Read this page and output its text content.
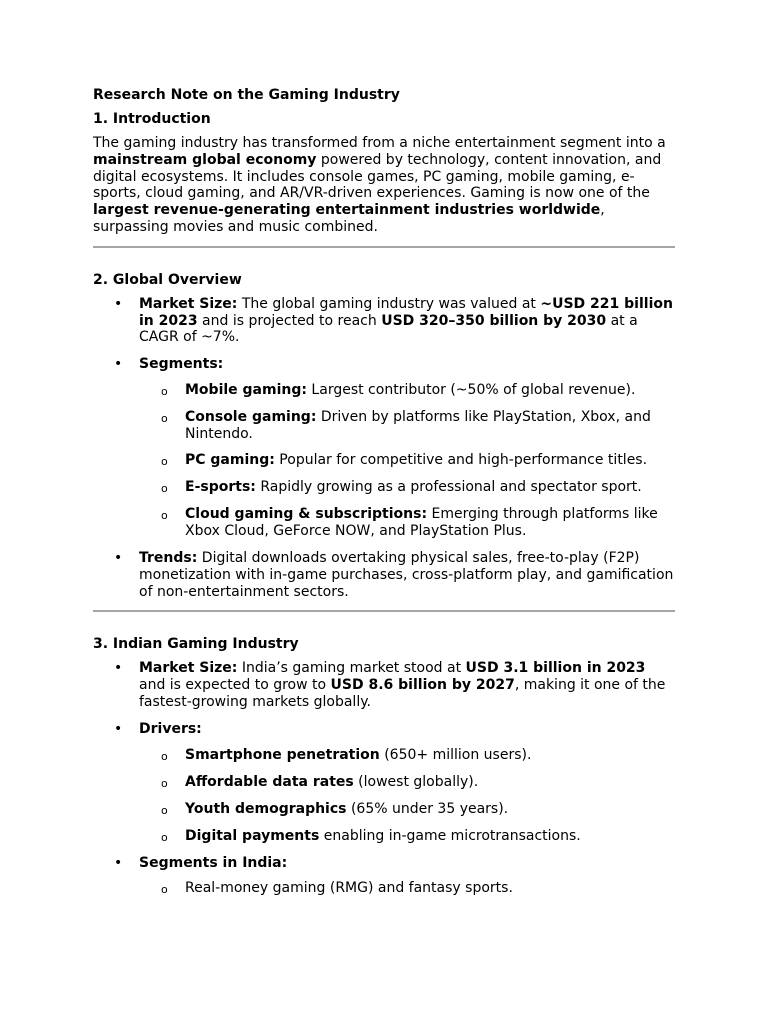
Research Note on the Gaming Industry
1. Introduction

The gaming industry has transformed from a niche entertainment segment into a mainstream global economy powered by technology, content innovation, and digital ecosystems. It includes console games, PC gaming, mobile gaming, e-sports, cloud gaming, and AR/VR-driven experiences. Gaming is now one of the largest revenue-generating entertainment industries worldwide, surpassing movies and music combined.

2. Global Overview
• Market Size: The global gaming industry was valued at ~USD 221 billion in 2023 and is projected to reach USD 320–350 billion by 2030 at a CAGR of ~7%.
• Segments:
o Mobile gaming: Largest contributor (~50% of global revenue).
o Console gaming: Driven by platforms like PlayStation, Xbox, and Nintendo.
o PC gaming: Popular for competitive and high-performance titles.
o E-sports: Rapidly growing as a professional and spectator sport.
o Cloud gaming & subscriptions: Emerging through platforms like Xbox Cloud, GeForce NOW, and PlayStation Plus.
• Trends: Digital downloads overtaking physical sales, free-to-play (F2P) monetization with in-game purchases, cross-platform play, and gamification of non-entertainment sectors.
3. Indian Gaming Industry
• Market Size: India’s gaming market stood at USD 3.1 billion in 2023 and is expected to grow to USD 8.6 billion by 2027, making it one of the fastest-growing markets globally.
• Drivers:
o Smartphone penetration (650+ million users).
o Affordable data rates (lowest globally).
o Youth demographics (65% under 35 years).
o Digital payments enabling in-game microtransactions.
• Segments in India:
o Real-money gaming (RMG) and fantasy sports.
